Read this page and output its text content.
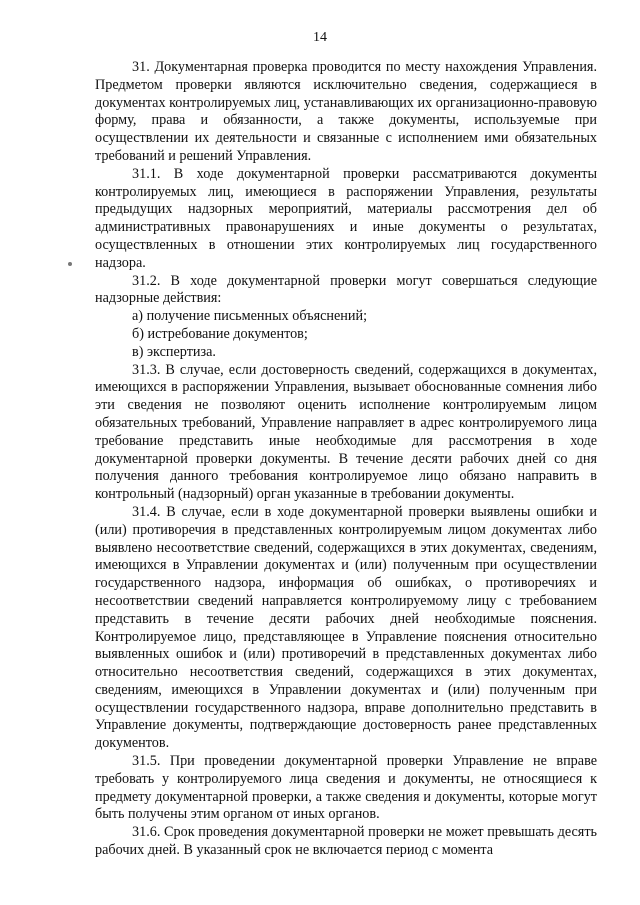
14

31. Документарная проверка проводится по месту нахождения Управления. Предметом проверки являются исключительно сведения, содержащиеся в документах контролируемых лиц, устанавливающих их организационно-правовую форму, права и обязанности, а также документы, используемые при осуществлении их деятельности и связанные с исполнением ими обязательных требований и решений Управления.

31.1. В ходе документарной проверки рассматриваются документы контролируемых лиц, имеющиеся в распоряжении Управления, результаты предыдущих надзорных мероприятий, материалы рассмотрения дел об административных правонарушениях и иные документы о результатах, осуществленных в отношении этих контролируемых лиц государственного надзора.

31.2. В ходе документарной проверки могут совершаться следующие надзорные действия:

а) получение письменных объяснений;

б) истребование документов;

в) экспертиза.

31.3. В случае, если достоверность сведений, содержащихся в документах, имеющихся в распоряжении Управления, вызывает обоснованные сомнения либо эти сведения не позволяют оценить исполнение контролируемым лицом обязательных требований, Управление направляет в адрес контролируемого лица требование представить иные необходимые для рассмотрения в ходе документарной проверки документы. В течение десяти рабочих дней со дня получения данного требования контролируемое лицо обязано направить в контрольный (надзорный) орган указанные в требовании документы.

31.4. В случае, если в ходе документарной проверки выявлены ошибки и (или) противоречия в представленных контролируемым лицом документах либо выявлено несоответствие сведений, содержащихся в этих документах, сведениям, имеющихся в Управлении документах и (или) полученным при осуществлении государственного надзора, информация об ошибках, о противоречиях и несоответствии сведений направляется контролируемому лицу с требованием представить в течение десяти рабочих дней необходимые пояснения. Контролируемое лицо, представляющее в Управление пояснения относительно выявленных ошибок и (или) противоречий в представленных документах либо относительно несоответствия сведений, содержащихся в этих документах, сведениям, имеющихся в Управлении документах и (или) полученным при осуществлении государственного надзора, вправе дополнительно представить в Управление документы, подтверждающие достоверность ранее представленных документов.

31.5. При проведении документарной проверки Управление не вправе требовать у контролируемого лица сведения и документы, не относящиеся к предмету документарной проверки, а также сведения и документы, которые могут быть получены этим органом от иных органов.

31.6. Срок проведения документарной проверки не может превышать десять рабочих дней. В указанный срок не включается период с момента
